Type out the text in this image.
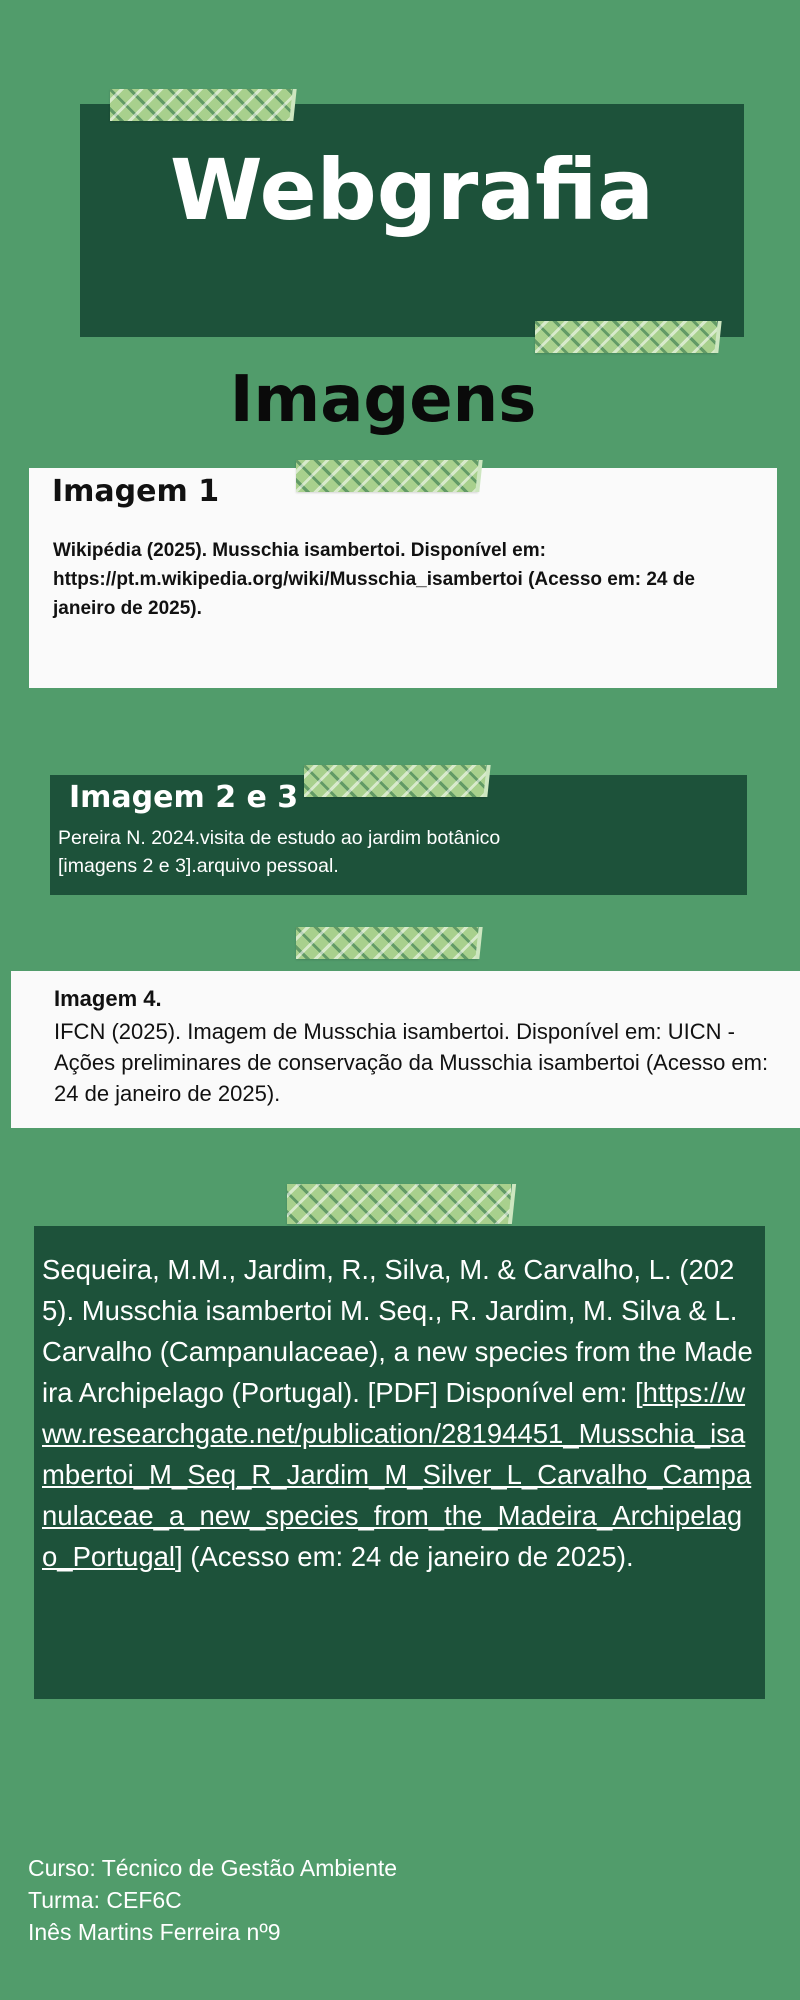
Webgrafia
Imagens
Imagem 1
Wikipédia (2025). Musschia isambertoi. Disponível em: https://pt.m.wikipedia.org/wiki/Musschia_isambertoi (Acesso em: 24 de janeiro de 2025).
Imagem 2 e 3
Pereira N. 2024.visita de estudo ao jardim botânico
[imagens 2 e 3].arquivo pessoal.
Imagem 4.
IFCN (2025). Imagem de Musschia isambertoi. Disponível em: UICN - Ações preliminares de conservação da Musschia isambertoi (Acesso em: 24 de janeiro de 2025).
Sequeira, M.M., Jardim, R., Silva, M. & Carvalho, L. (2025). Musschia isambertoi M. Seq., R. Jardim, M. Silva & L. Carvalho (Campanulaceae), a new species from the Madeira Archipelago (Portugal). [PDF] Disponível em: [https://www.researchgate.net/publication/28194451_Musschia_isambertoi_M_Seq_R_Jardim_M_Silver_L_Carvalho_Campanulaceae_a_new_species_from_the_Madeira_Archipelago_Portugal] (Acesso em: 24 de janeiro de 2025).
Curso: Técnico de Gestão Ambiente
Turma: CEF6C
Inês Martins Ferreira nº9
